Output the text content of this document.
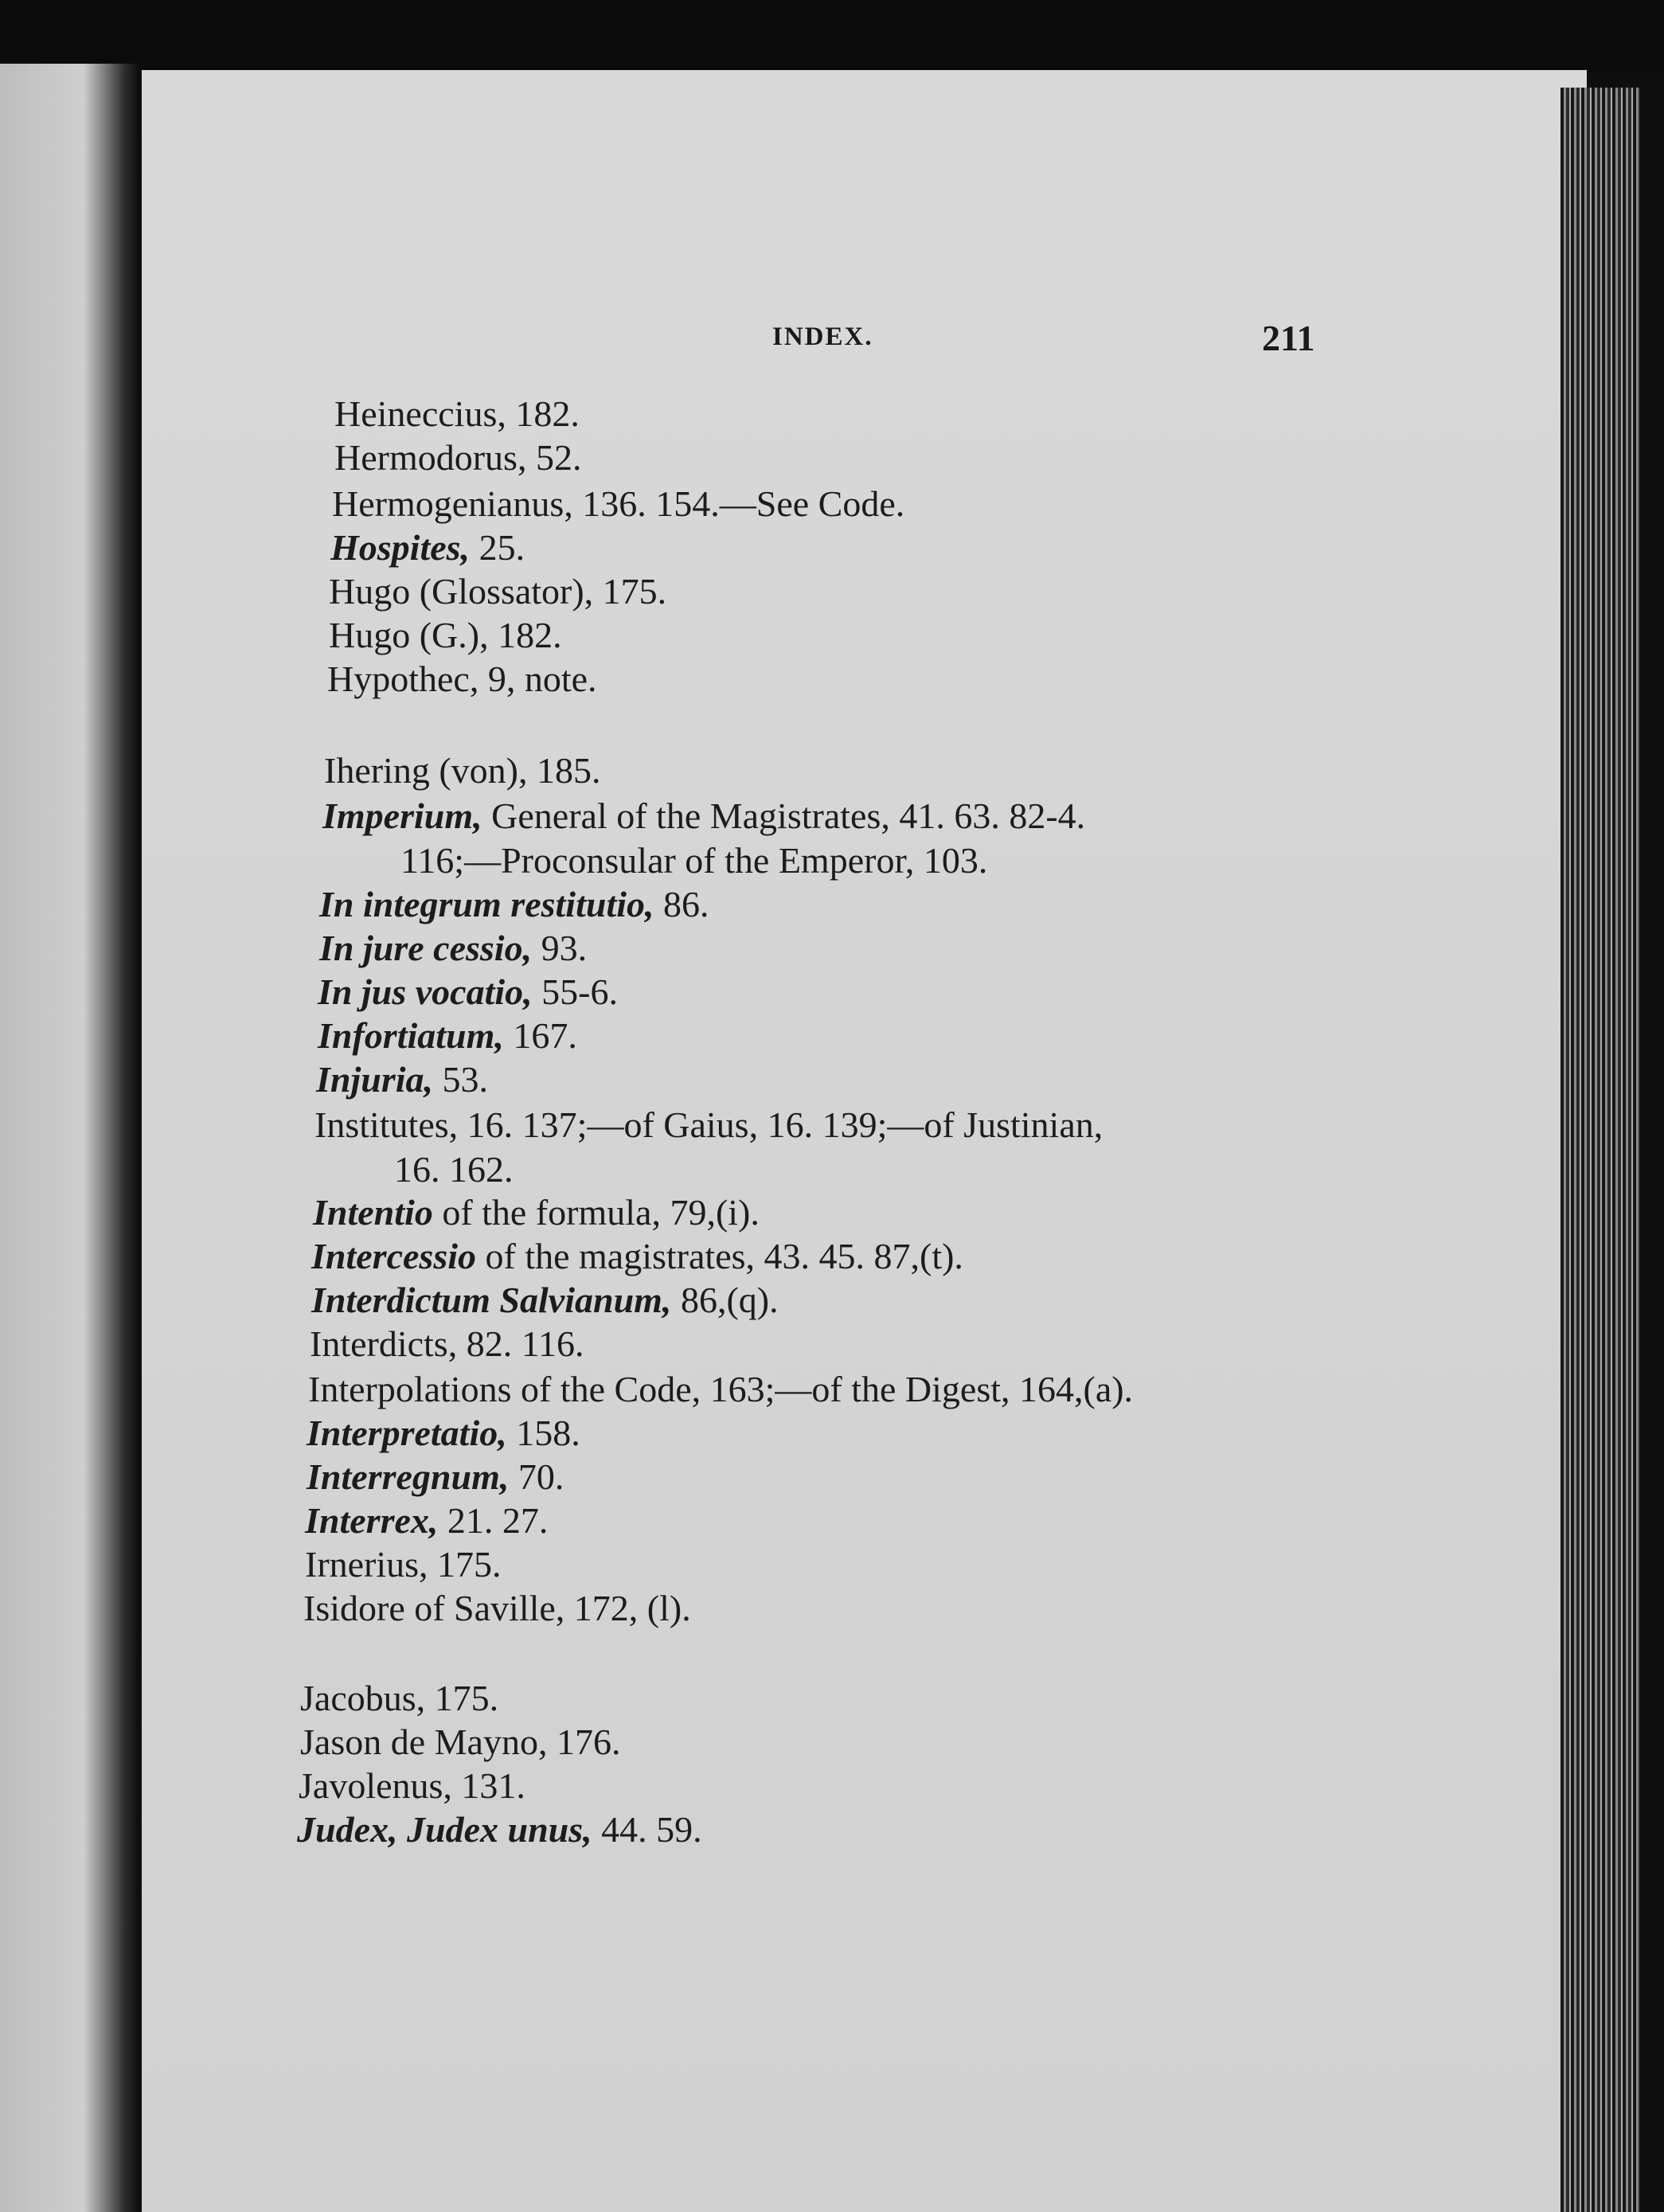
INDEX.	211
Heineccius, 182.
Hermodorus, 52.
Hermogenianus, 136. 154.—See Code.
Hospites, 25.
Hugo (Glossator), 175.
Hugo (G.), 182.
Hypothec, 9, note.
Ihering (von), 185.
Imperium, General of the Magistrates, 41. 63. 82-4.
116;—Proconsular of the Emperor, 103.
In integrum restitutio, 86.
In jure cessio, 93.
In jus vocatio, 55-6.
Infortiatum, 167.
Injuria, 53.
Institutes, 16. 137;—of Gaius, 16. 139;—of Justinian,
16. 162.
Intentio of the formula, 79,(i).
Intercessio of the magistrates, 43. 45. 87,(t).
Interdictum Salvianum, 86,(q).
Interdicts, 82. 116.
Interpolations of the Code, 163;—of the Digest, 164,(a).
Interpretatio, 158.
Interregnum, 70.
Interrex, 21. 27.
Irnerius, 175.
Isidore of Saville, 172, (l).
Jacobus, 175.
Jason de Mayno, 176.
Javolenus, 131.
Judex, Judex unus, 44. 59.
